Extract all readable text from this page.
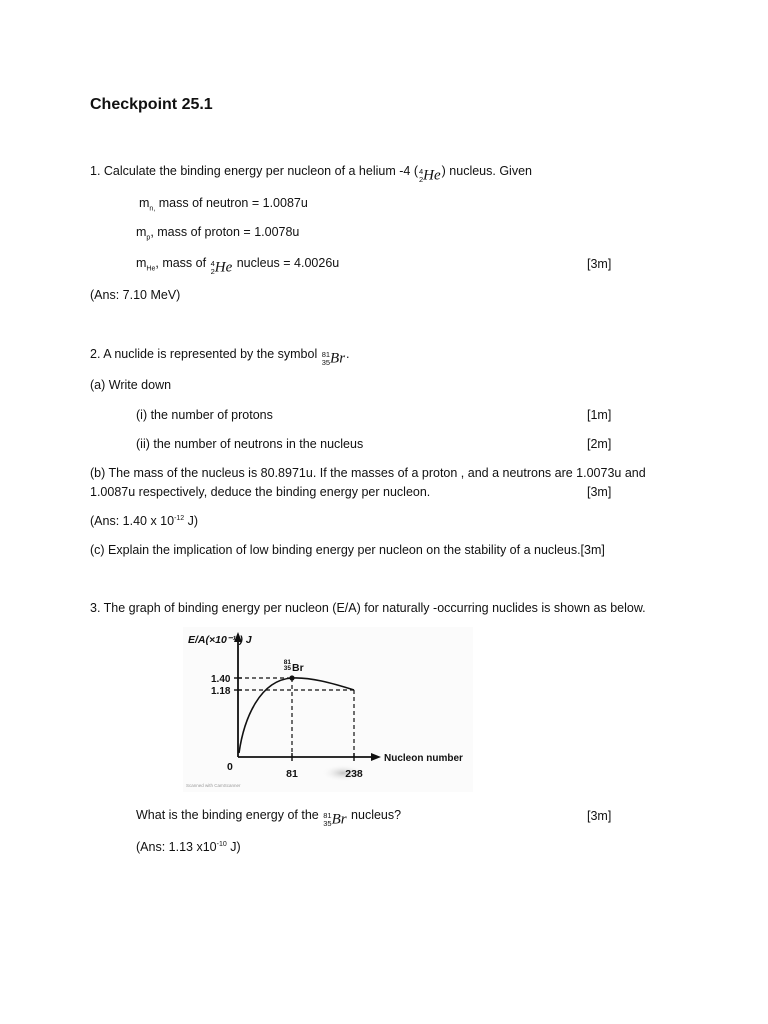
Checkpoint 25.1
1. Calculate the binding energy per nucleon of a helium -4 ( 4
2 He) nucleus. Given
$m_{n,}$ mass of neutron = 1.0087u
$m_p$, mass of proton = 1.0078u
$m_{He}$, mass of 4
2 He nucleus = 4.0026u	[3m]
(Ans: 7.10 MeV)
2. A nuclide is represented by the symbol 81
35 Br.
(a) Write down
(i) the number of protons	[1m]
(ii) the number of neutrons in the nucleus	[2m]
(b) The mass of the nucleus is 80.8971u. If the masses of a proton , and a neutrons are 1.0073u and
1.0087u respectively, deduce the binding energy per nucleon.	[3m]
(Ans: 1.40 x $10^{-12}$ J)
(c) Explain the implication of low binding energy per nucleon on the stability of a nucleus.[3m]
3. The graph of binding energy per nucleon (E/A) for naturally -occurring nuclides is shown as below.
E/A(×10⁻¹²) J
Nucleon number
0
1.40
1.18
81	238
81
35 Br
Scanned with CamScanner
What is the binding energy of the 81
35 Br nucleus?	[3m]
(Ans: 1.13 $x10^{-10}$ J)
